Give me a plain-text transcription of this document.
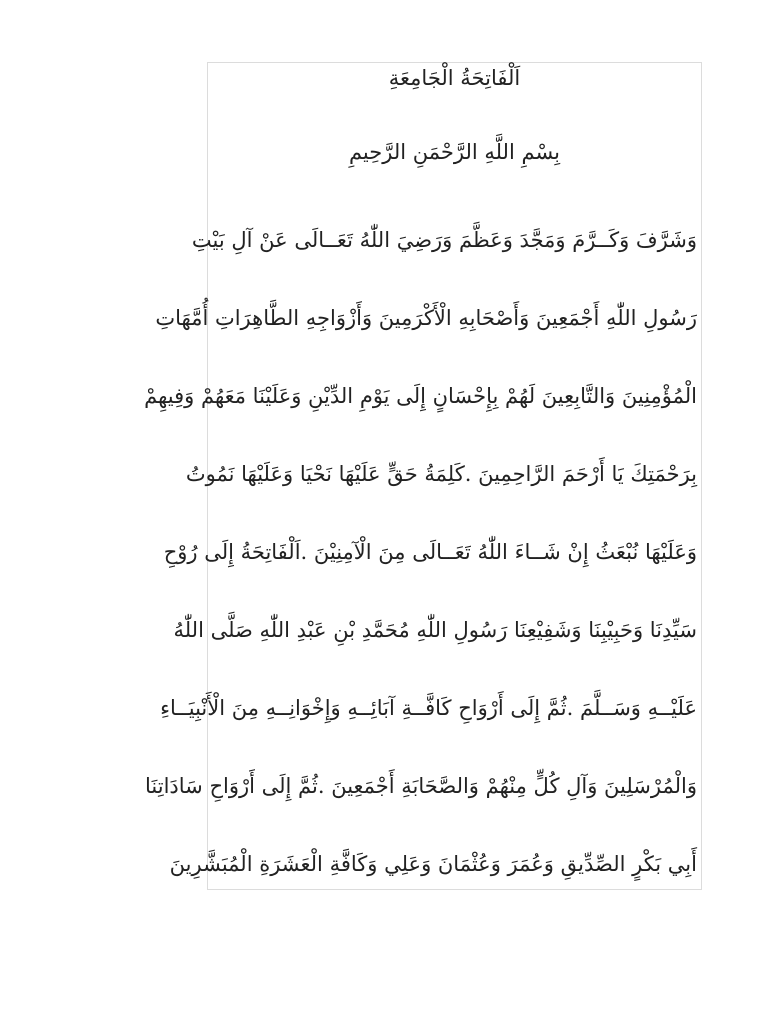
اَلْفَاتِحَةُ الْجَامِعَةِ
بِسْمِ اللَّهِ الرَّحْمَنِ الرَّحِيمِ
وَشَرَّفَ وَكَــرَّمَ وَمَجَّدَ وَعَظَّمَ وَرَضِيَ اللّٰهُ تَعَــالَى عَنْ آلِ بَيْتِ
رَسُولِ اللّٰهِ أَجْمَعِينَ وَأَصْحَابِهِ الْأَكْرَمِينَ وَأَزْوَاجِهِ الطَّاهِرَاتِ أُمَّهَاتِ
الْمُؤْمِنِينَ وَالتَّابِعِينَ لَهُمْ بِإِحْسَانٍ إِلَى يَوْمِ الدِّيْنِ وَعَلَيْنَا مَعَهُمْ وَفِيهِمْ
بِرَحْمَتِكَ يَا أَرْحَمَ الرَّاحِمِينَ .كَلِمَةُ حَقٍّ عَلَيْهَا نَحْيَا وَعَلَيْهَا نَمُوتُ
وَعَلَيْهَا نُبْعَثُ إِنْ شَــاءَ اللّٰهُ تَعَــالَى مِنَ الْآمِنِيْنَ .اَلْفَاتِحَةُ إِلَى رُوْحِ
سَيِّدِنَا وَحَبِيْبِنَا وَشَفِيْعِنَا رَسُولِ اللّٰهِ مُحَمَّدِ بْنِ عَبْدِ اللّٰهِ صَلَّى اللّٰهُ
عَلَيْــهِ وَسَــلَّمَ .ثُمَّ إِلَى أَرْوَاحِ كَافَّــةِ آبَائِــهِ وَإِخْوَانِــهِ مِنَ الْأَنْبِيَــاءِ
وَالْمُرْسَلِينَ وَآلِ كُلٍّ مِنْهُمْ وَالصَّحَابَةِ أَجْمَعِينَ .ثُمَّ إِلَى أَرْوَاحِ سَادَاتِنَا
أَبِي بَكْرٍ الصِّدِّيقِ وَعُمَرَ وَعُثْمَانَ وَعَلِي وَكَافَّةِ الْعَشَرَةِ الْمُبَشَّرِينَ
